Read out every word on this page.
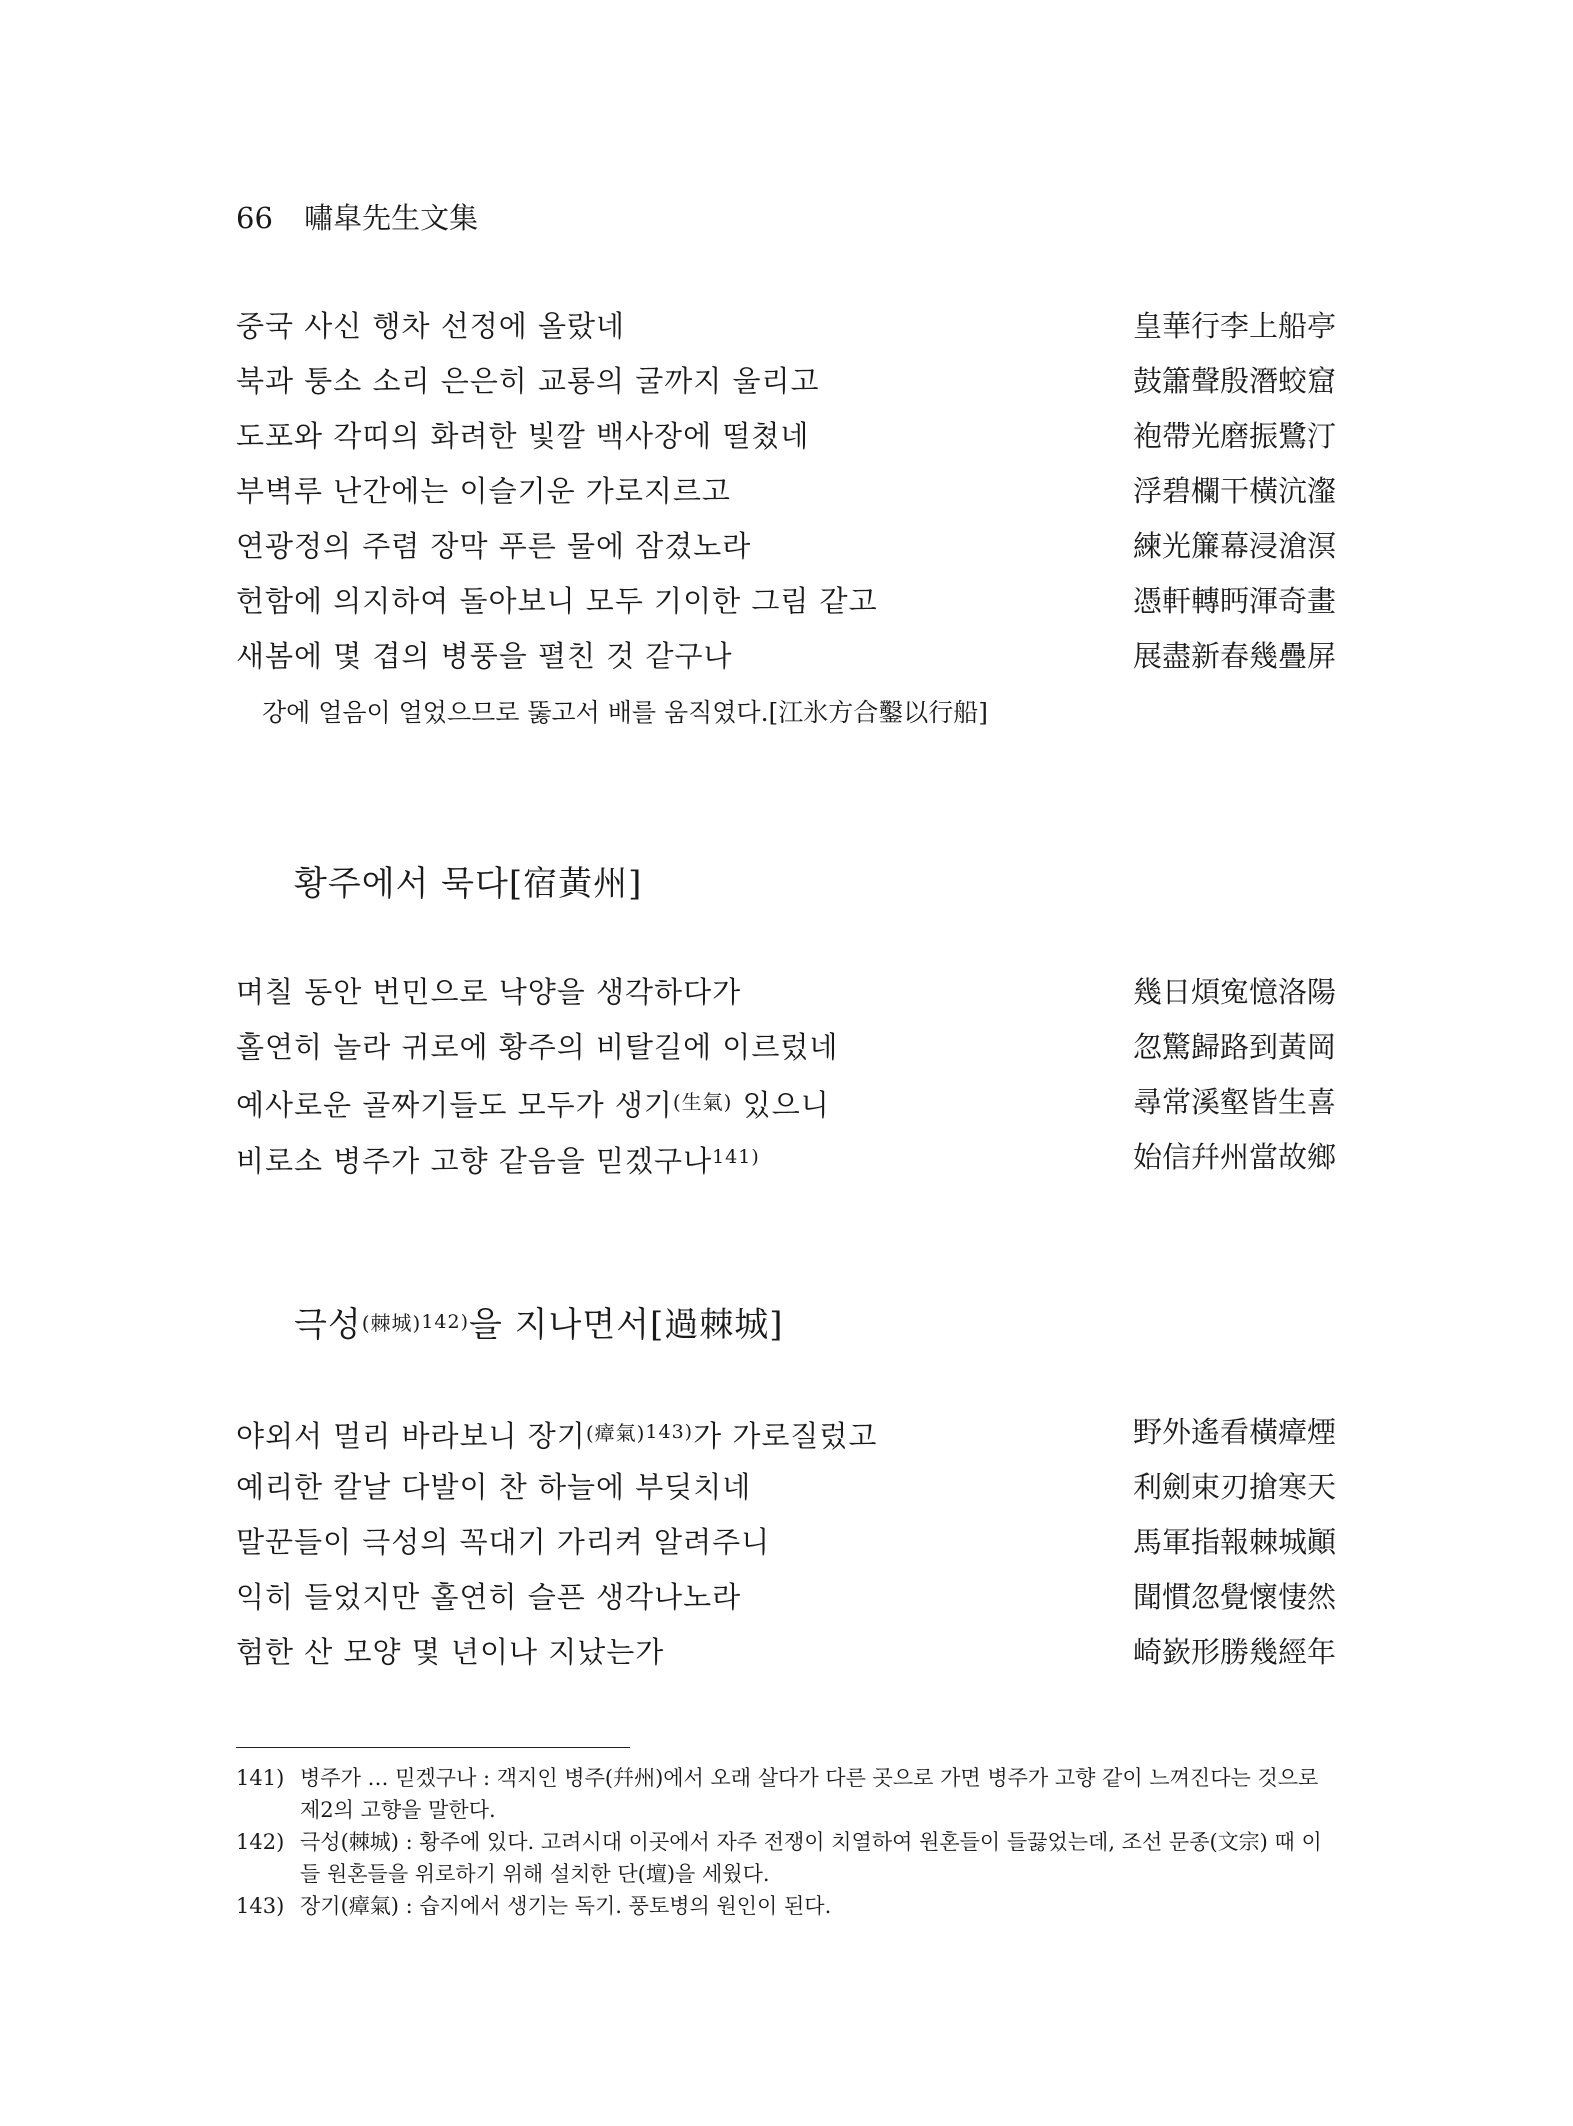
66 嘯皐先生文集
중국 사신 행차 선정에 올랐네	皇華行李上船亭
북과 퉁소 소리 은은히 교룡의 굴까지 울리고	鼓簫聲殷潛蛟窟
도포와 각띠의 화려한 빛깔 백사장에 떨쳤네	袍帶光磨振鷺汀
부벽루 난간에는 이슬기운 가로지르고	浮碧欄干橫沆瀣
연광정의 주렴 장막 푸른 물에 잠겼노라	練光簾幕浸滄溟
헌함에 의지하여 돌아보니 모두 기이한 그림 같고	憑軒轉眄渾奇畫
새봄에 몇 겹의 병풍을 펼친 것 같구나	展盡新春幾疊屏
강에 얼음이 얼었으므로 뚫고서 배를 움직였다.[江氷方合鑿以行船]
황주에서 묵다[宿黃州]
며칠 동안 번민으로 낙양을 생각하다가	幾日煩寃憶洛陽
홀연히 놀라 귀로에 황주의 비탈길에 이르렀네	忽驚歸路到黃岡
예사로운 골짜기들도 모두가 생기$^{(生氣)}$ 있으니	尋常溪壑皆生喜
비로소 병주가 고향 같음을 믿겠구나$^{141)}$	始信幷州當故鄉
극성(棘城)$^{142)}$을 지나면서[過棘城]
야외서 멀리 바라보니 장기$^{(瘴氣)143)}$가 가로질렀고	野外遙看橫瘴煙
예리한 칼날 다발이 찬 하늘에 부딪치네	利劍束刃搶寒天
말꾼들이 극성의 꼭대기 가리켜 알려주니	馬軍指報棘城顚
익히 들었지만 홀연히 슬픈 생각나노라	聞慣忽覺懷悽然
험한 산 모양 몇 년이나 지났는가	崎嶔形勝幾經年
141) 병주가 … 믿겠구나 : 객지인 병주(幷州)에서 오래 살다가 다른 곳으로 가면 병주가 고향 같이 느껴진다는 것으로 제2의 고향을 말한다.
142) 극성(棘城) : 황주에 있다. 고려시대 이곳에서 자주 전쟁이 치열하여 원혼들이 들끓었는데, 조선 문종(文宗) 때 이들 원혼들을 위로하기 위해 설치한 단(壇)을 세웠다.
143) 장기(瘴氣) : 습지에서 생기는 독기. 풍토병의 원인이 된다.
